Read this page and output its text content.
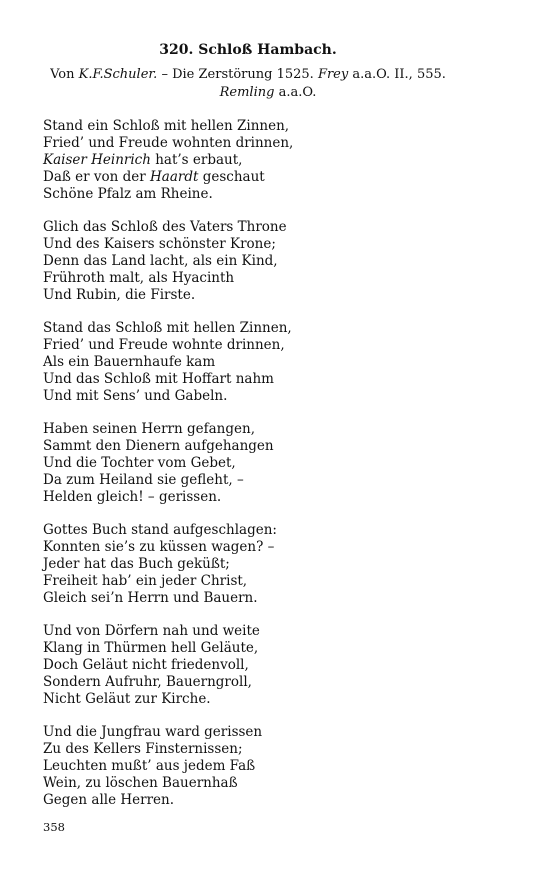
320. Schloß Hambach.
Von K.F.Schuler. – Die Zerstörung 1525. Frey a.a.O. II., 555.
Remling a.a.O.
Stand ein Schloß mit hellen Zinnen,
Fried’ und Freude wohnten drinnen,
Kaiser Heinrich hat’s erbaut,
Daß er von der Haardt geschaut
Schöne Pfalz am Rheine.
Glich das Schloß des Vaters Throne
Und des Kaisers schönster Krone;
Denn das Land lacht, als ein Kind,
Frühroth malt, als Hyacinth
Und Rubin, die Firste.
Stand das Schloß mit hellen Zinnen,
Fried’ und Freude wohnte drinnen,
Als ein Bauernhaufe kam
Und das Schloß mit Hoffart nahm
Und mit Sens’ und Gabeln.
Haben seinen Herrn gefangen,
Sammt den Dienern aufgehangen
Und die Tochter vom Gebet,
Da zum Heiland sie gefleht, –
Helden gleich! – gerissen.
Gottes Buch stand aufgeschlagen:
Konnten sie’s zu küssen wagen? –
Jeder hat das Buch geküßt;
Freiheit hab’ ein jeder Christ,
Gleich sei’n Herrn und Bauern.
Und von Dörfern nah und weite
Klang in Thürmen hell Geläute,
Doch Geläut nicht friedenvoll,
Sondern Aufruhr, Bauerngroll,
Nicht Geläut zur Kirche.
Und die Jungfrau ward gerissen
Zu des Kellers Finsternissen;
Leuchten mußt’ aus jedem Faß
Wein, zu löschen Bauernhaß
Gegen alle Herren.
358
